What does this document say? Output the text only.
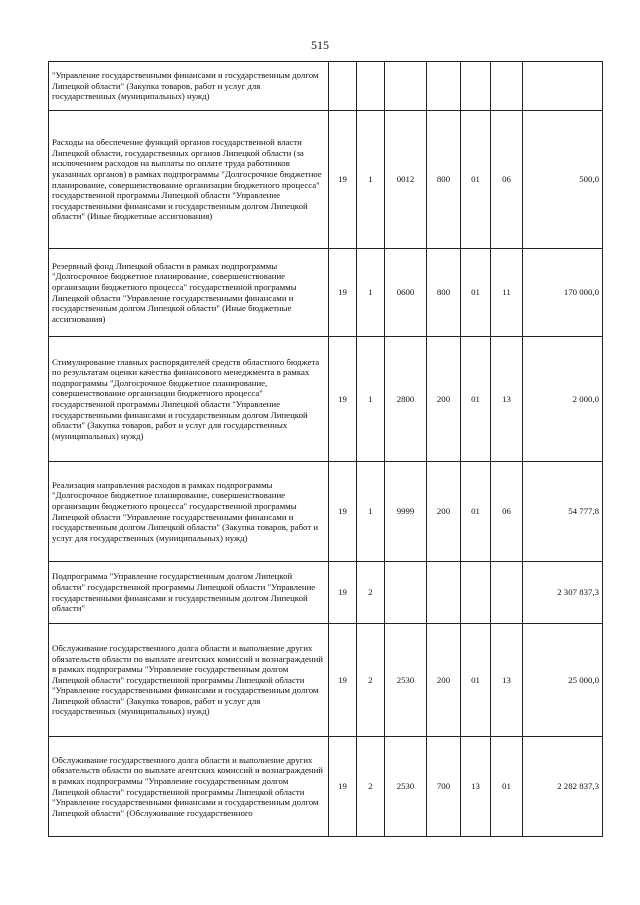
515
"Управление государственными финансами и государственным долгом Липецкой области" (Закупка товаров, работ и услуг для государственных (муниципальных) нужд)							
Расходы на обеспечение функций органов государственной власти Липецкой области, государственных органов Липецкой области (за исключением расходов на выплаты по оплате труда работников указанных органов) в рамках подпрограммы "Долгосрочное бюджетное планирование, совершенствование организации бюджетного процесса" государственной программы Липецкой области "Управление государственными финансами и государственным долгом Липецкой области" (Иные бюджетные ассигнования)	19	1	0012	800	01	06	500,0
Резервный фонд Липецкой области в рамках подпрограммы "Долгосрочное бюджетное планирование, совершенствование организации бюджетного процесса" государственной программы Липецкой области "Управление государственными финансами и государственным долгом Липецкой области" (Иные бюджетные ассигнования)	19	1	0600	800	01	11	170 000,0
Стимулирование главных распорядителей средств областного бюджета по результатам оценки качества финансового менеджмента в рамках подпрограммы "Долгосрочное бюджетное планирование, совершенствование организации бюджетного процесса" государственной программы Липецкой области "Управление государственными финансами и государственным долгом Липецкой области" (Закупка товаров, работ и услуг для государственных (муниципальных) нужд)	19	1	2800	200	01	13	2 000,0
Реализация направления расходов в рамках подпрограммы "Долгосрочное бюджетное планирование, совершенствование организации бюджетного процесса" государственной программы Липецкой области "Управление государственными финансами и государственным долгом Липецкой области" (Закупка товаров, работ и услуг для государственных (муниципальных) нужд)	19	1	9999	200	01	06	54 777,8
Подпрограмма "Управление государственным долгом Липецкой области" государственной программы Липецкой области "Управление государственными финансами и государственным долгом Липецкой области"	19	2					2 307 837,3
Обслуживание государственного долга области и выполнение других обязательств области по выплате агентских комиссий и вознаграждений в рамках подпрограммы "Управление государственным долгом Липецкой области" государственной программы Липецкой области "Управление государственными финансами и государственным долгом Липецкой области" (Закупка товаров, работ и услуг для государственных (муниципальных) нужд)	19	2	2530	200	01	13	25 000,0
Обслуживание государственного долга области и выполнение других обязательств области по выплате агентских комиссий и вознаграждений в рамках подпрограммы "Управление государственным долгом Липецкой области" государственной программы Липецкой области "Управление государственными финансами и государственным долгом Липецкой области" (Обслуживание государственного	19	2	2530	700	13	01	2 282 837,3
